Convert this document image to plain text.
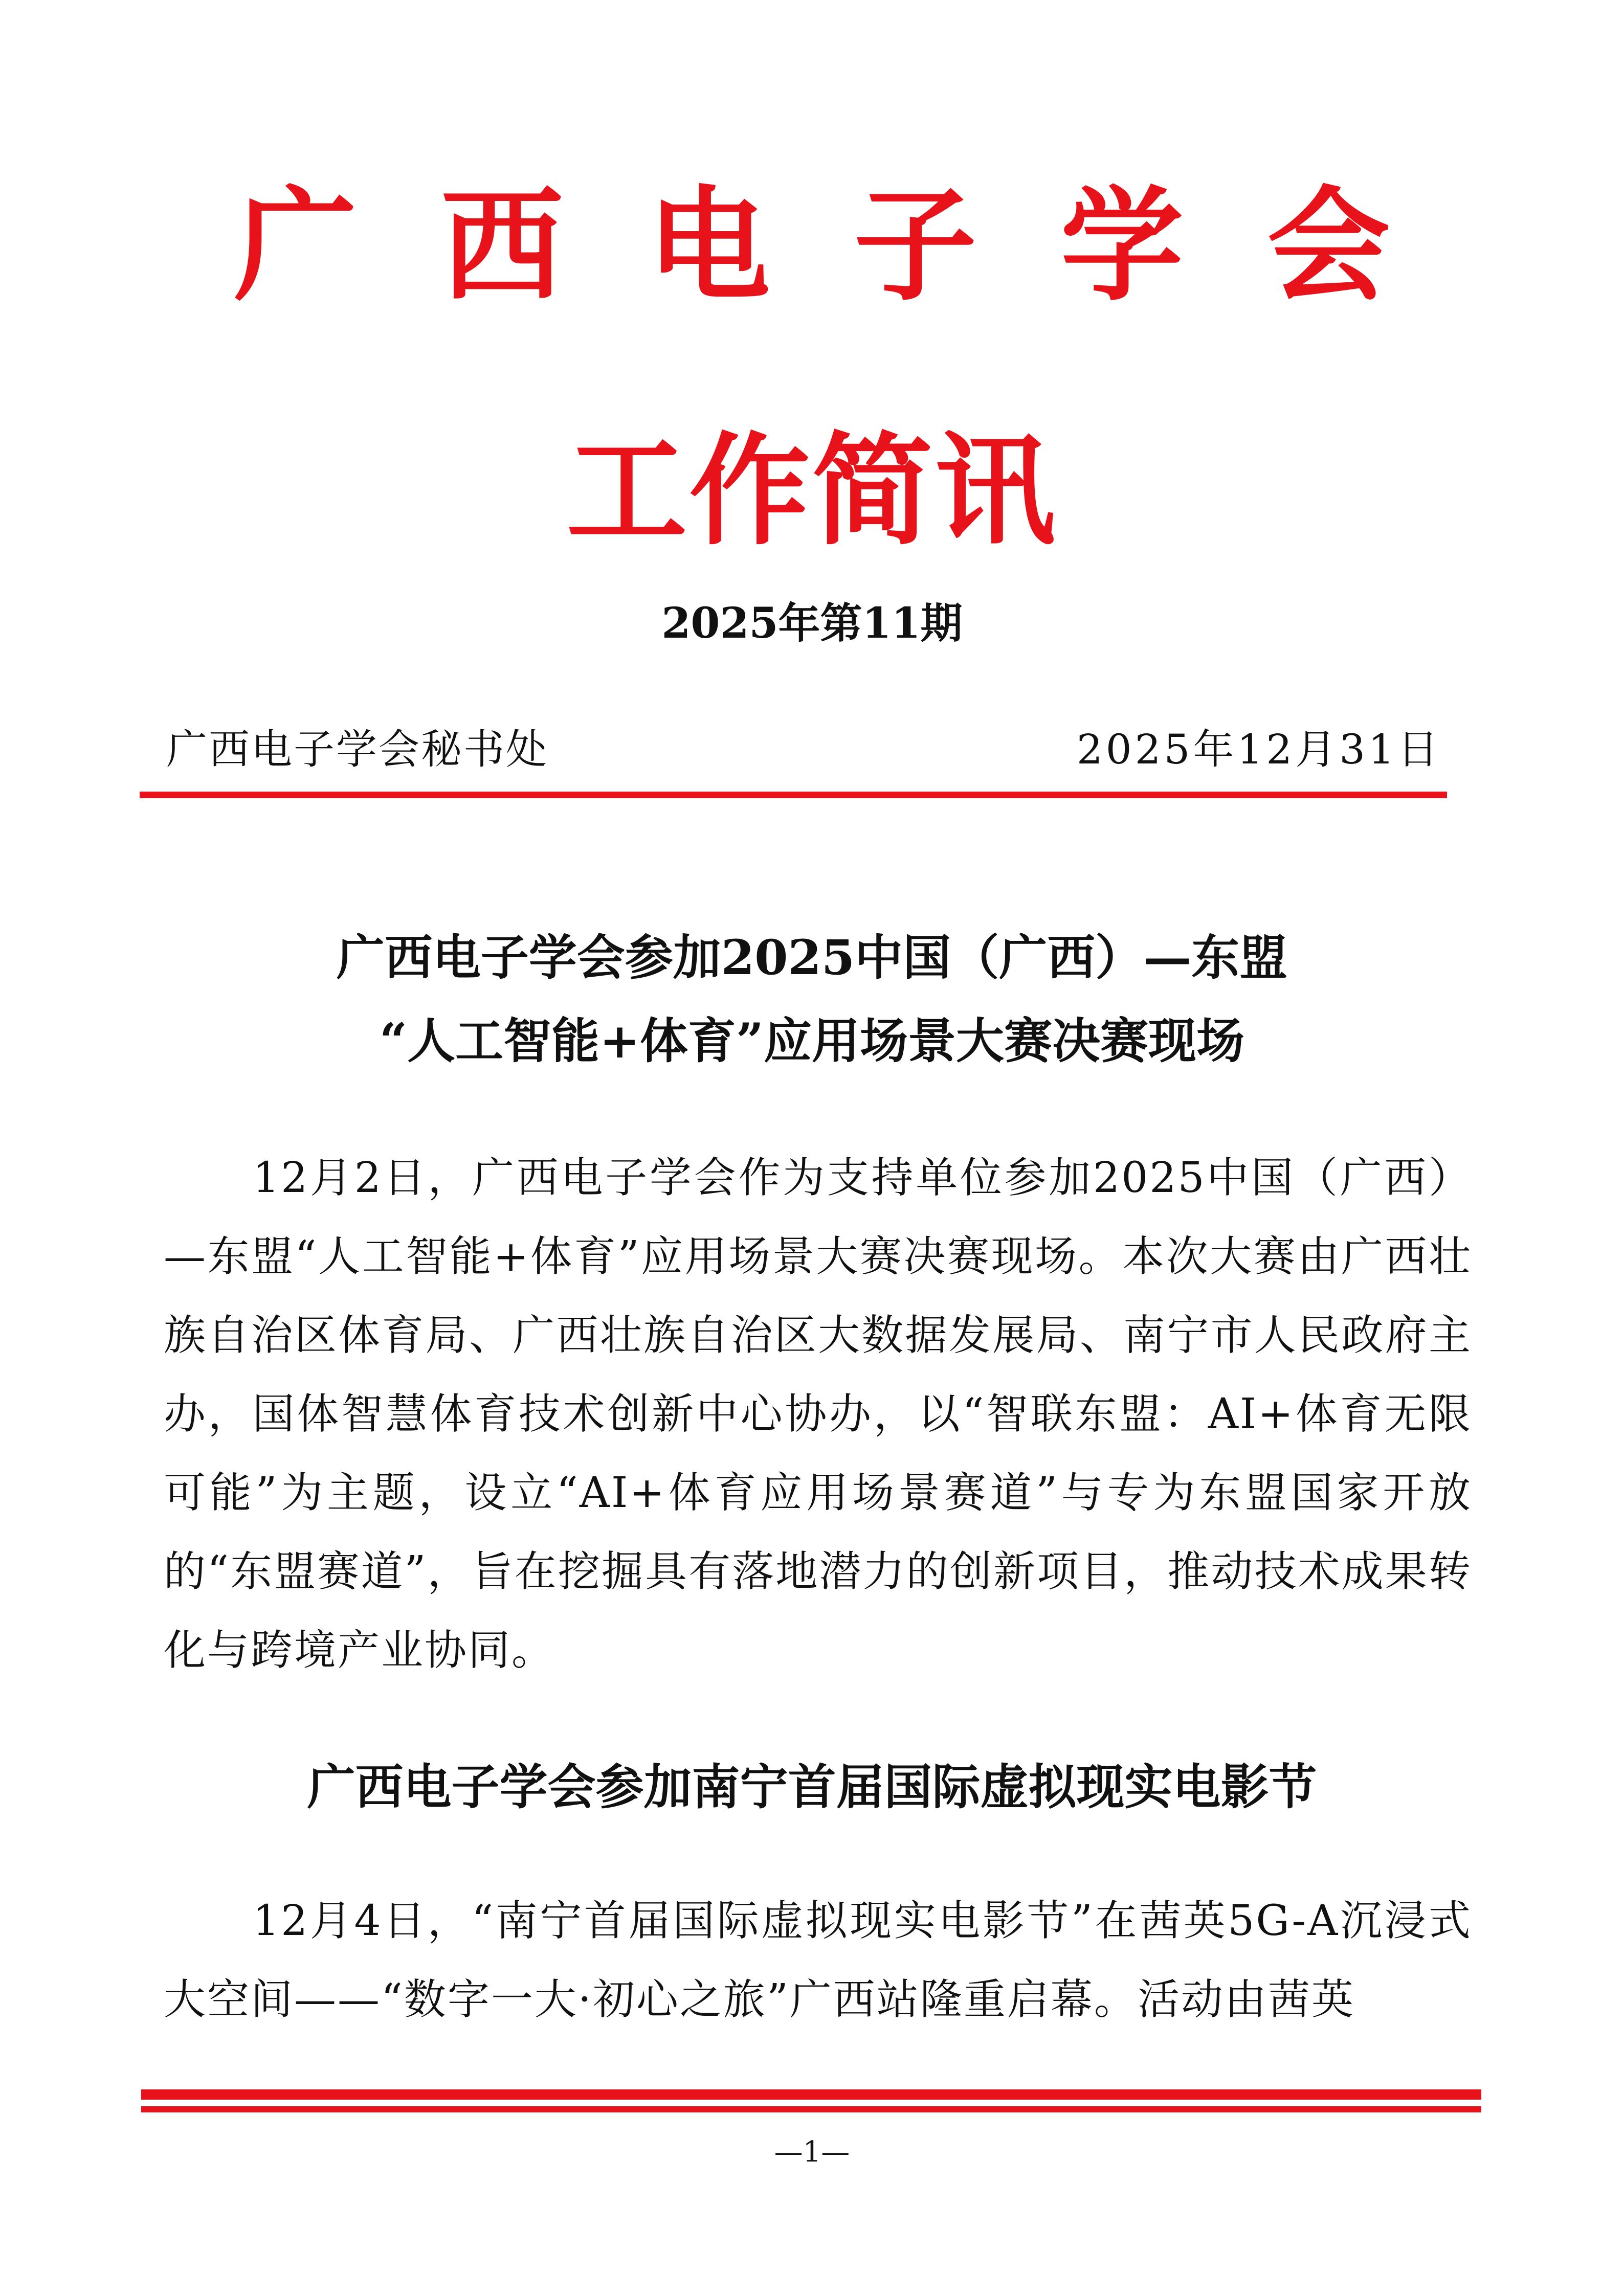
广 西 电 子 学 会
工作简讯
2025年第11期
广西电子学会秘书处	2025年12月31日
广西电子学会参加2025中国（广西）—东盟
“人工智能+体育”应用场景大赛决赛现场

12月2日，广西电子学会作为支持单位参加2025中国（广西）—东盟“人工智能+体育”应用场景大赛决赛现场。本次大赛由广西壮族自治区体育局、广西壮族自治区大数据发展局、南宁市人民政府主办，国体智慧体育技术创新中心协办，以“智联东盟：AI+体育无限可能”为主题，设立“AI+体育应用场景赛道”与专为东盟国家开放的“东盟赛道”，旨在挖掘具有落地潜力的创新项目，推动技术成果转化与跨境产业协同。

广西电子学会参加南宁首届国际虚拟现实电影节

12月4日，“南宁首届国际虚拟现实电影节”在茜英5G-A沉浸式大空间——“数字一大·初心之旅”广西站隆重启幕。活动由茜英

—1—
